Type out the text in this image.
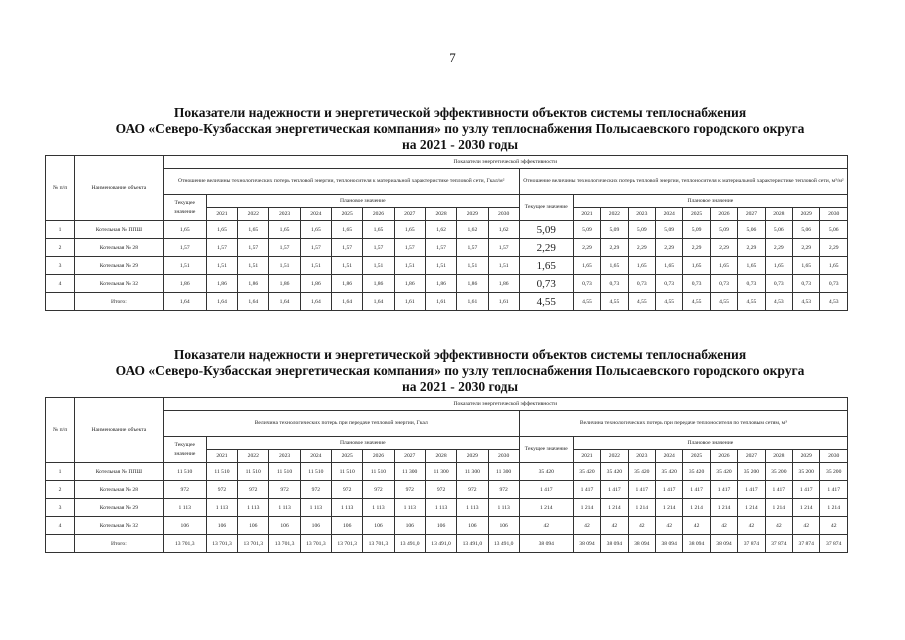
7
Показатели надежности и энергетической эффективности объектов системы теплоснабжения
ОАО «Северо-Кузбасская энергетическая компания» по узлу теплоснабжения Полысаевского городского округа
на 2021 - 2030 годы
№ п/п	Наименование объекта	Показатели энергетической эффективности																					
		Отношение величины технологических потерь тепловой энергии, теплоносителя к материальной характеристике тепловой сети, Гкал/м²											Отношение величины технологических потерь тепловой энергии, теплоносителя к материальной характеристике тепловой сети, м³/м²										
		Текущее значение	Плановое значение										Текущее значение	Плановое значение									
			2021	2022	2023	2024	2025	2026	2027	2028	2029	2030		2021	2022	2023	2024	2025	2026	2027	2028	2029	2030
1	Котельная № ППШ	1,65	1,65	1,65	1,65	1,65	1,65	1,65	1,65	1,62	1,62	1,62	5,09	5,09	5,09	5,09	5,09	5,09	5,09	5,06	5,06	5,06	5,06
2	Котельная № 28	1,57	1,57	1,57	1,57	1,57	1,57	1,57	1,57	1,57	1,57	1,57	2,29	2,29	2,29	2,29	2,29	2,29	2,29	2,29	2,29	2,29	2,29
3	Котельная № 29	1,51	1,51	1,51	1,51	1,51	1,51	1,51	1,51	1,51	1,51	1,51	1,65	1,65	1,65	1,65	1,65	1,65	1,65	1,65	1,65	1,65	1,65
4	Котельная № 32	1,86	1,86	1,86	1,86	1,86	1,86	1,86	1,86	1,86	1,86	1,86	0,73	0,73	0,73	0,73	0,73	0,73	0,73	0,73	0,73	0,73	0,73
	Итого:	1,64	1,64	1,64	1,64	1,64	1,64	1,64	1,61	1,61	1,61	1,61	4,55	4,55	4,55	4,55	4,55	4,55	4,55	4,55	4,53	4,53	4,53
Показатели надежности и энергетической эффективности объектов системы теплоснабжения
ОАО «Северо-Кузбасская энергетическая компания» по узлу теплоснабжения Полысаевского городского округа
на 2021 - 2030 годы
№ п/п	Наименование объекта	Показатели энергетической эффективности																					
		Величина технологических потерь при передаче тепловой энергии, Гкал											Величина технологических потерь при передаче теплоносителя по тепловым сетям, м³										
		Текущее значение	Плановое значение										Текущее значение	Плановое значение									
			2021	2022	2023	2024	2025	2026	2027	2028	2029	2030		2021	2022	2023	2024	2025	2026	2027	2028	2029	2030
1	Котельная № ППШ	11 510	11 510	11 510	11 510	11 510	11 510	11 510	11 300	11 300	11 300	11 300	35 420	35 420	35 420	35 420	35 420	35 420	35 420	35 200	35 200	35 200	35 200
2	Котельная № 28	972	972	972	972	972	972	972	972	972	972	972	1 417	1 417	1 417	1 417	1 417	1 417	1 417	1 417	1 417	1 417	1 417
3	Котельная № 29	1 113	1 113	1 113	1 113	1 113	1 113	1 113	1 113	1 113	1 113	1 113	1 214	1 214	1 214	1 214	1 214	1 214	1 214	1 214	1 214	1 214	1 214
4	Котельная № 32	106	106	106	106	106	106	106	106	106	106	106	42	42	42	42	42	42	42	42	42	42	42
	Итого:	13 701,3	13 701,3	13 701,3	13 701,3	13 701,3	13 701,3	13 701,3	13 491,0	13 491,0	13 491,0	13 491,0	38 094	38 094	38 094	38 094	38 094	38 094	38 094	37 874	37 874	37 874	37 874
